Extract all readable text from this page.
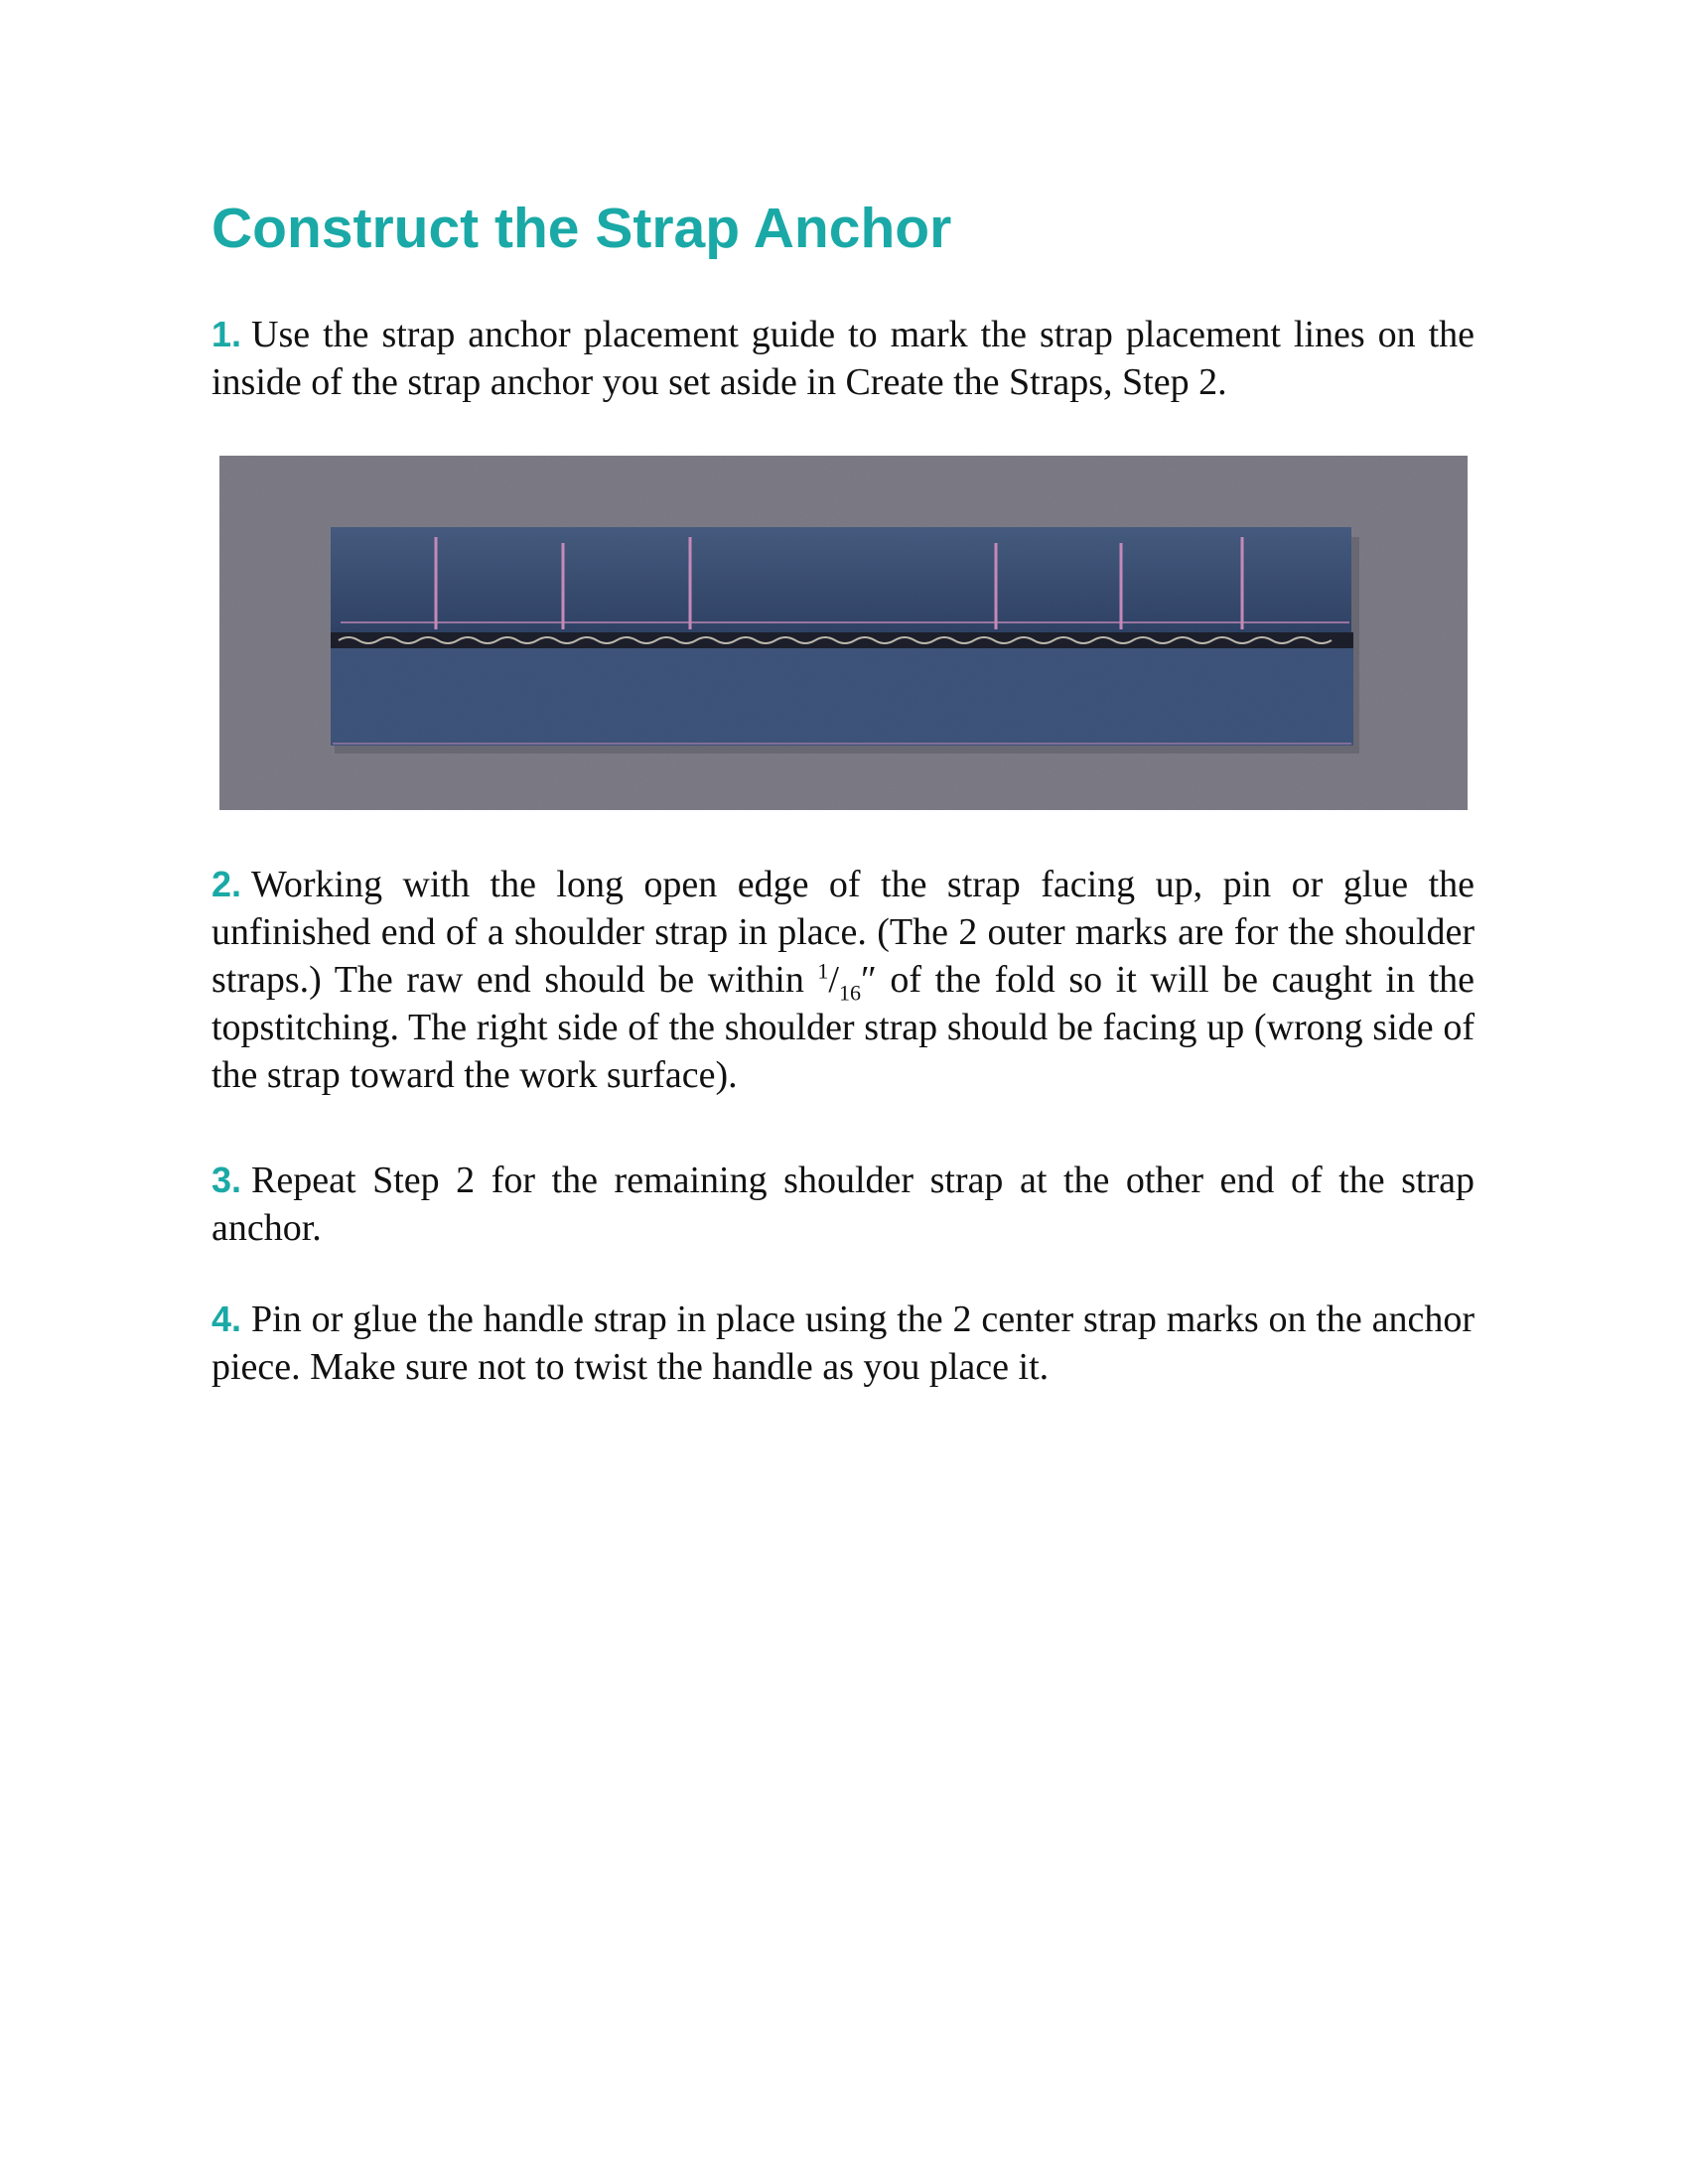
Construct the Strap Anchor

1. Use the strap anchor placement guide to mark the strap placement lines on the inside of the strap anchor you set aside in Create the Straps, Step 2.

2. Working with the long open edge of the strap facing up, pin or glue the unfinished end of a shoulder strap in place. (The 2 outer marks are for the shoulder straps.) The raw end should be within $^1/_{16}''$ of the fold so it will be caught in the topstitching. The right side of the shoulder strap should be facing up (wrong side of the strap toward the work surface).

3. Repeat Step 2 for the remaining shoulder strap at the other end of the strap anchor.

4. Pin or glue the handle strap in place using the 2 center strap marks on the anchor piece. Make sure not to twist the handle as you place it.
